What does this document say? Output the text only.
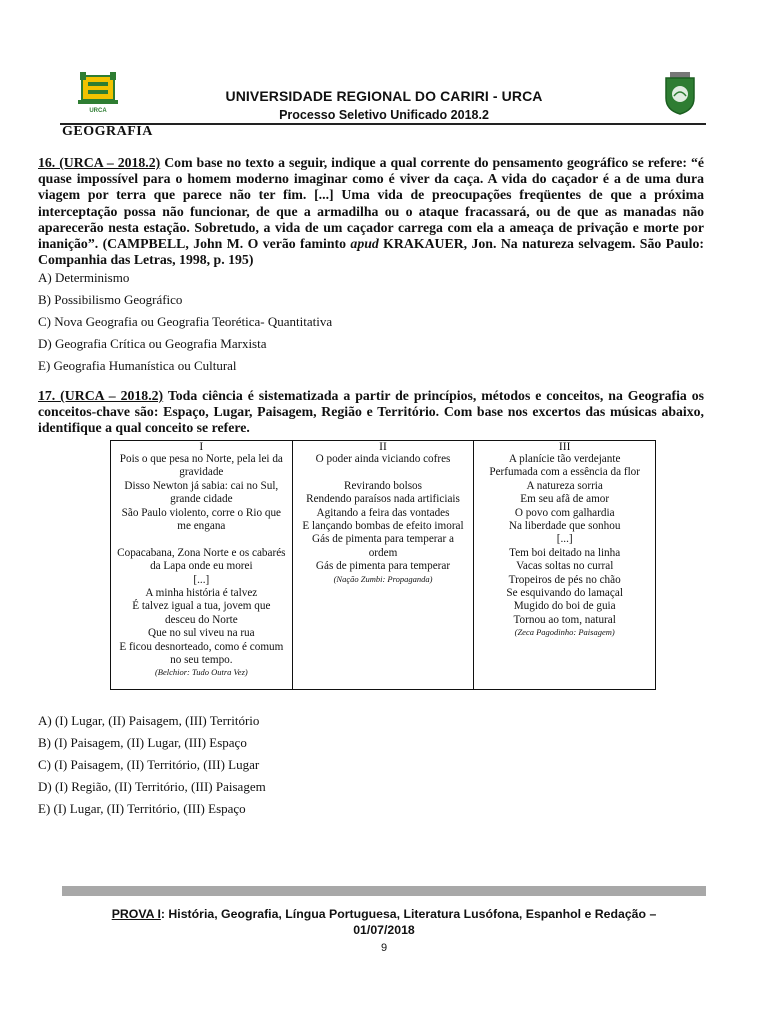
URCA
UNIVERSIDADE REGIONAL DO CARIRI - URCA
Processo Seletivo Unificado 2018.2
GEOGRAFIA
16. (URCA – 2018.2) Com base no texto a seguir, indique a qual corrente do pensamento geográfico se refere: “é quase impossível para o homem moderno imaginar como é viver da caça. A vida do caçador é a de uma dura viagem por terra que parece não ter fim. [...] Uma vida de preocupações freqüentes de que a próxima interceptação possa não funcionar, de que a armadilha ou o ataque fracassará, ou de que as manadas não aparecerão nesta estação. Sobretudo, a vida de um caçador carrega com ela a ameaça de privação e morte por inanição”. (CAMPBELL, John M. O verão faminto apud KRAKAUER, Jon. Na natureza selvagem. São Paulo: Companhia das Letras, 1998, p. 195)
A) Determinismo
B) Possibilismo Geográfico
C) Nova Geografia ou Geografia Teorética- Quantitativa
D) Geografia Crítica ou Geografia Marxista
E) Geografia Humanística ou Cultural
17. (URCA – 2018.2) Toda ciência é sistematizada a partir de princípios, métodos e conceitos, na Geografia os conceitos-chave são: Espaço, Lugar, Paisagem, Região e Território. Com base nos excertos das músicas abaixo, identifique a qual conceito se refere.
I
Pois o que pesa no Norte, pela lei da gravidade
Disso Newton já sabia: cai no Sul, grande cidade
São Paulo violento, corre o Rio que me engana
Copacabana, Zona Norte e os cabarés da Lapa onde eu morei
[...]
A minha história é talvez
É talvez igual a tua, jovem que desceu do Norte
Que no sul viveu na rua
E ficou desnorteado, como é comum no seu tempo.
(Belchior: Tudo Outra Vez)
II
O poder ainda viciando cofres
Revirando bolsos
Rendendo paraísos nada artificiais
Agitando a feira das vontades
E lançando bombas de efeito imoral
Gás de pimenta para temperar a ordem
Gás de pimenta para temperar
(Nação Zumbi: Propaganda)
III
A planície tão verdejante
Perfumada com a essência da flor
A natureza sorria
Em seu afã de amor
O povo com galhardia
Na liberdade que sonhou
[...]
Tem boi deitado na linha
Vacas soltas no curral
Tropeiros de pés no chão
Se esquivando do lamaçal
Mugido do boi de guia
Tornou ao tom, natural
(Zeca Pagodinho: Paisagem)
A) (I) Lugar, (II) Paisagem, (III) Território
B) (I) Paisagem, (II) Lugar, (III) Espaço
C) (I) Paisagem, (II) Território, (III) Lugar
D) (I) Região, (II) Território, (III) Paisagem
E) (I) Lugar, (II) Território, (III) Espaço
PROVA I: História, Geografia, Língua Portuguesa, Literatura Lusófona, Espanhol e Redação –
01/07/2018
9
